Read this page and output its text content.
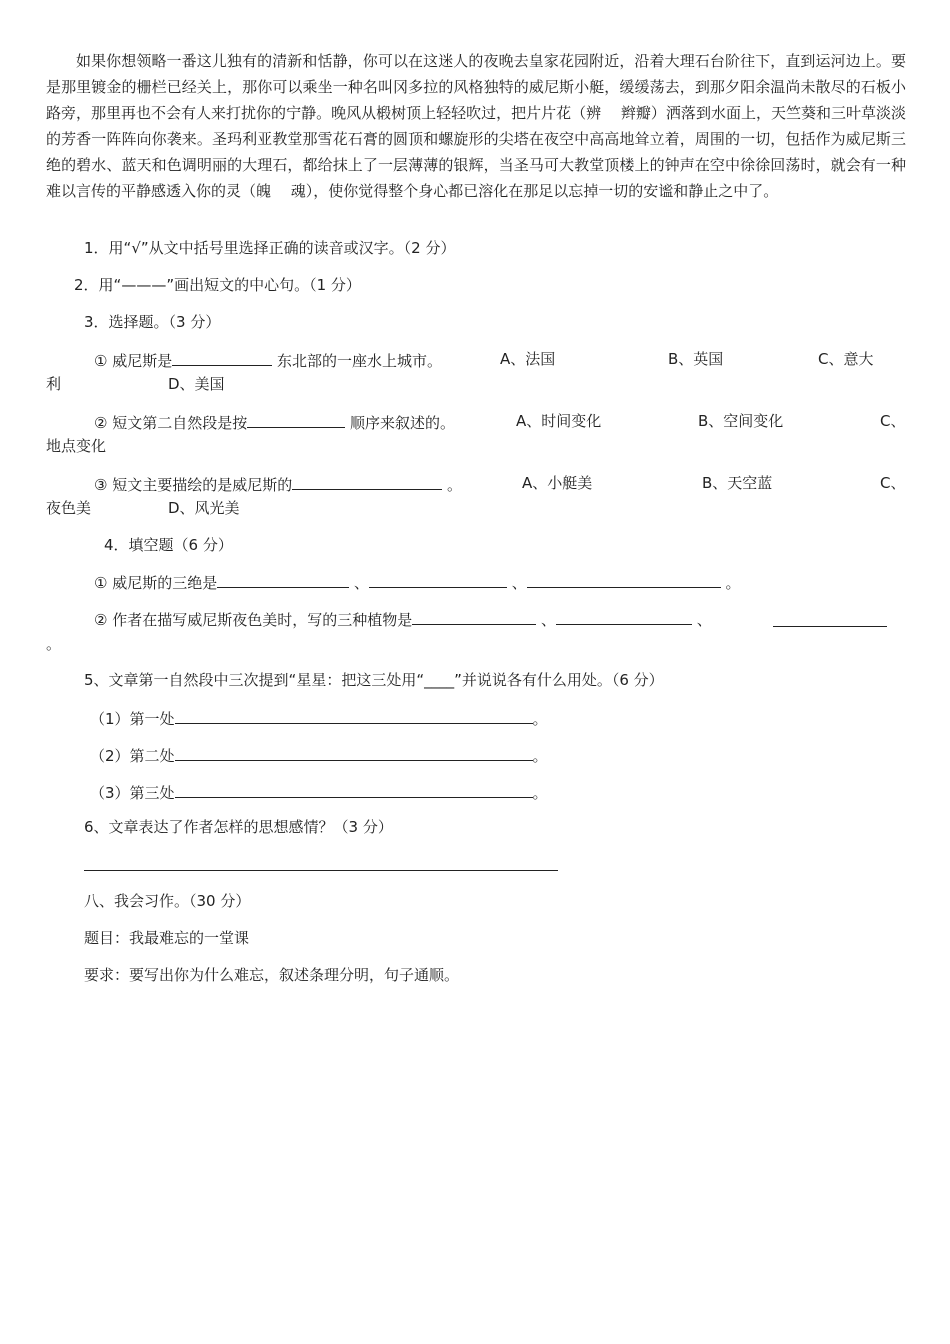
如果你想领略一番这儿独有的清新和恬静，你可以在这迷人的夜晚去皇家花园附近，沿着大理石台阶往下，直到运河边上。要是那里镀金的栅栏已经关上，那你可以乘坐一种名叫冈多拉的风格独特的威尼斯小艇，缓缓荡去，到那夕阳余温尚未散尽的石板小路旁，那里再也不会有人来打扰你的宁静。晚风从椴树顶上轻轻吹过，把片片花（辨　 辫瓣）洒落到水面上，天竺葵和三叶草淡淡的芳香一阵阵向你袭来。圣玛利亚教堂那雪花石膏的圆顶和螺旋形的尖塔在夜空中高高地耸立着，周围的一切，包括作为威尼斯三绝的碧水、蓝天和色调明丽的大理石，都给抹上了一层薄薄的银辉，当圣马可大教堂顶楼上的钟声在空中徐徐回荡时，就会有一种难以言传的平静感透入你的灵（魄　 魂），使你觉得整个身心都已溶化在那足以忘掉一切的安谧和静止之中了。
1．用“√”从文中括号里选择正确的读音或汉字。（2 分）
2．用“———”画出短文的中心句。（1 分）
3．选择题。（3 分）
① 威尼斯是	东北部的一座水上城市。	A、法国	B、英国	C、意大
利	D、美国
② 短文第二自然段是按	顺序来叙述的。	A、时间变化	B、空间变化	C、
地点变化
③ 短文主要描绘的是威尼斯的	。	A、小艇美	B、天空蓝	C、
夜色美	D、风光美
4．填空题（6 分）
① 威尼斯的三绝是	、	、	。
② 作者在描写威尼斯夜色美时，写的三种植物是	、	、
。
5、文章第一自然段中三次提到“星星：把这三处用“____”并说说各有什么用处。（6 分）
（1）第一处	。
（2）第二处	。
（3）第三处	。
6、文章表达了作者怎样的思想感情？（3 分）
八、我会习作。（30 分）
题目：我最难忘的一堂课
要求：要写出你为什么难忘，叙述条理分明，句子通顺。
